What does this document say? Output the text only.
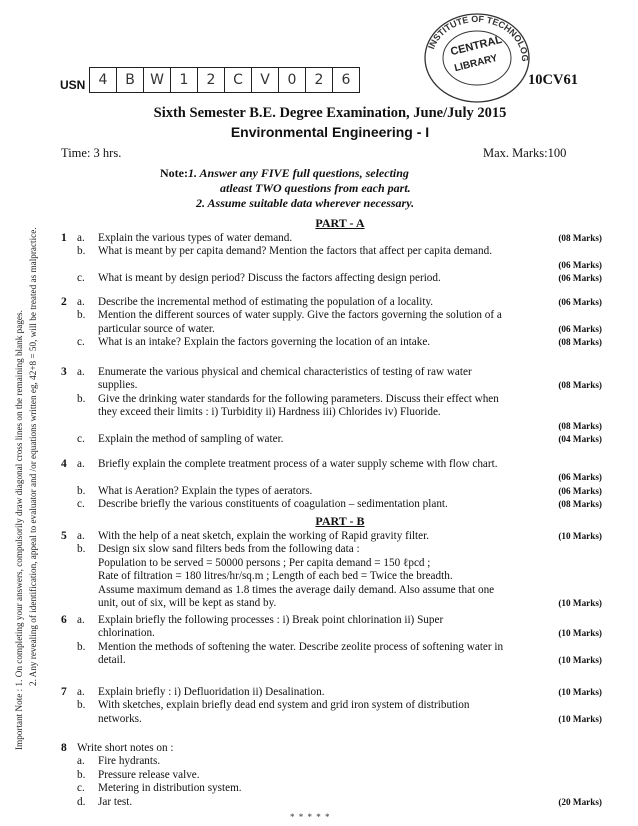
Important Note : 1. On completing your answers, compulsorily draw diagonal cross lines on the remaining blank pages. 2. Any revealing of identification, appeal to evaluator and /or equations written eg, 42+8 = 50, will be treated as malpractice.
INSTITUTE OF TECHNOLOG
CENTRAL
LIBRARY
USN 4	B	W	1	2	C	V	0	2	6	10CV61
Sixth Semester B.E. Degree Examination, June/July 2015
Environmental Engineering - I
Time: 3 hrs.	Max. Marks:100
Note:1. Answer any FIVE full questions, selecting
atleast TWO questions from each part.
2. Assume suitable data wherever necessary.
PART - A
1 a. Explain the various types of water demand.	(08 Marks)
b. What is meant by per capita demand? Mention the factors that affect per capita demand.
(06 Marks)
c. What is meant by design period? Discuss the factors affecting design period.	(06 Marks)
2 a. Describe the incremental method of estimating the population of a locality.	(06 Marks)
b. Mention the different sources of water supply. Give the factors governing the solution of a
particular source of water.	(06 Marks)
c. What is an intake? Explain the factors governing the location of an intake.	(08 Marks)
3 a. Enumerate the various physical and chemical characteristics of testing of raw water
supplies.	(08 Marks)
b. Give the drinking water standards for the following parameters. Discuss their effect when
they exceed their limits : i) Turbidity ii) Hardness iii) Chlorides iv) Fluoride.
(08 Marks)
c. Explain the method of sampling of water.	(04 Marks)
4 a. Briefly explain the complete treatment process of a water supply scheme with flow chart.
(06 Marks)
b. What is Aeration? Explain the types of aerators.	(06 Marks)
c. Describe briefly the various constituents of coagulation – sedimentation plant.	(08 Marks)
PART - B
5 a. With the help of a neat sketch, explain the working of Rapid gravity filter.	(10 Marks)
b. Design six slow sand filters beds from the following data :
Population to be served = 50000 persons ; Per capita demand = 150 ℓpcd ;
Rate of filtration = 180 litres/hr/sq.m ; Length of each bed = Twice the breadth.
Assume maximum demand as 1.8 times the average daily demand. Also assume that one
unit, out of six, will be kept as stand by.	(10 Marks)
6 a. Explain briefly the following processes : i) Break point chlorination ii) Super
chlorination.	(10 Marks)
b. Mention the methods of softening the water. Describe zeolite process of softening water in
detail.	(10 Marks)
7 a. Explain briefly : i) Defluoridation ii) Desalination.	(10 Marks)
b. With sketches, explain briefly dead end system and grid iron system of distribution
networks.	(10 Marks)
8 Write short notes on :
a. Fire hydrants.
b. Pressure release valve.
c. Metering in distribution system.
d. Jar test.	(20 Marks)
* * * * *
